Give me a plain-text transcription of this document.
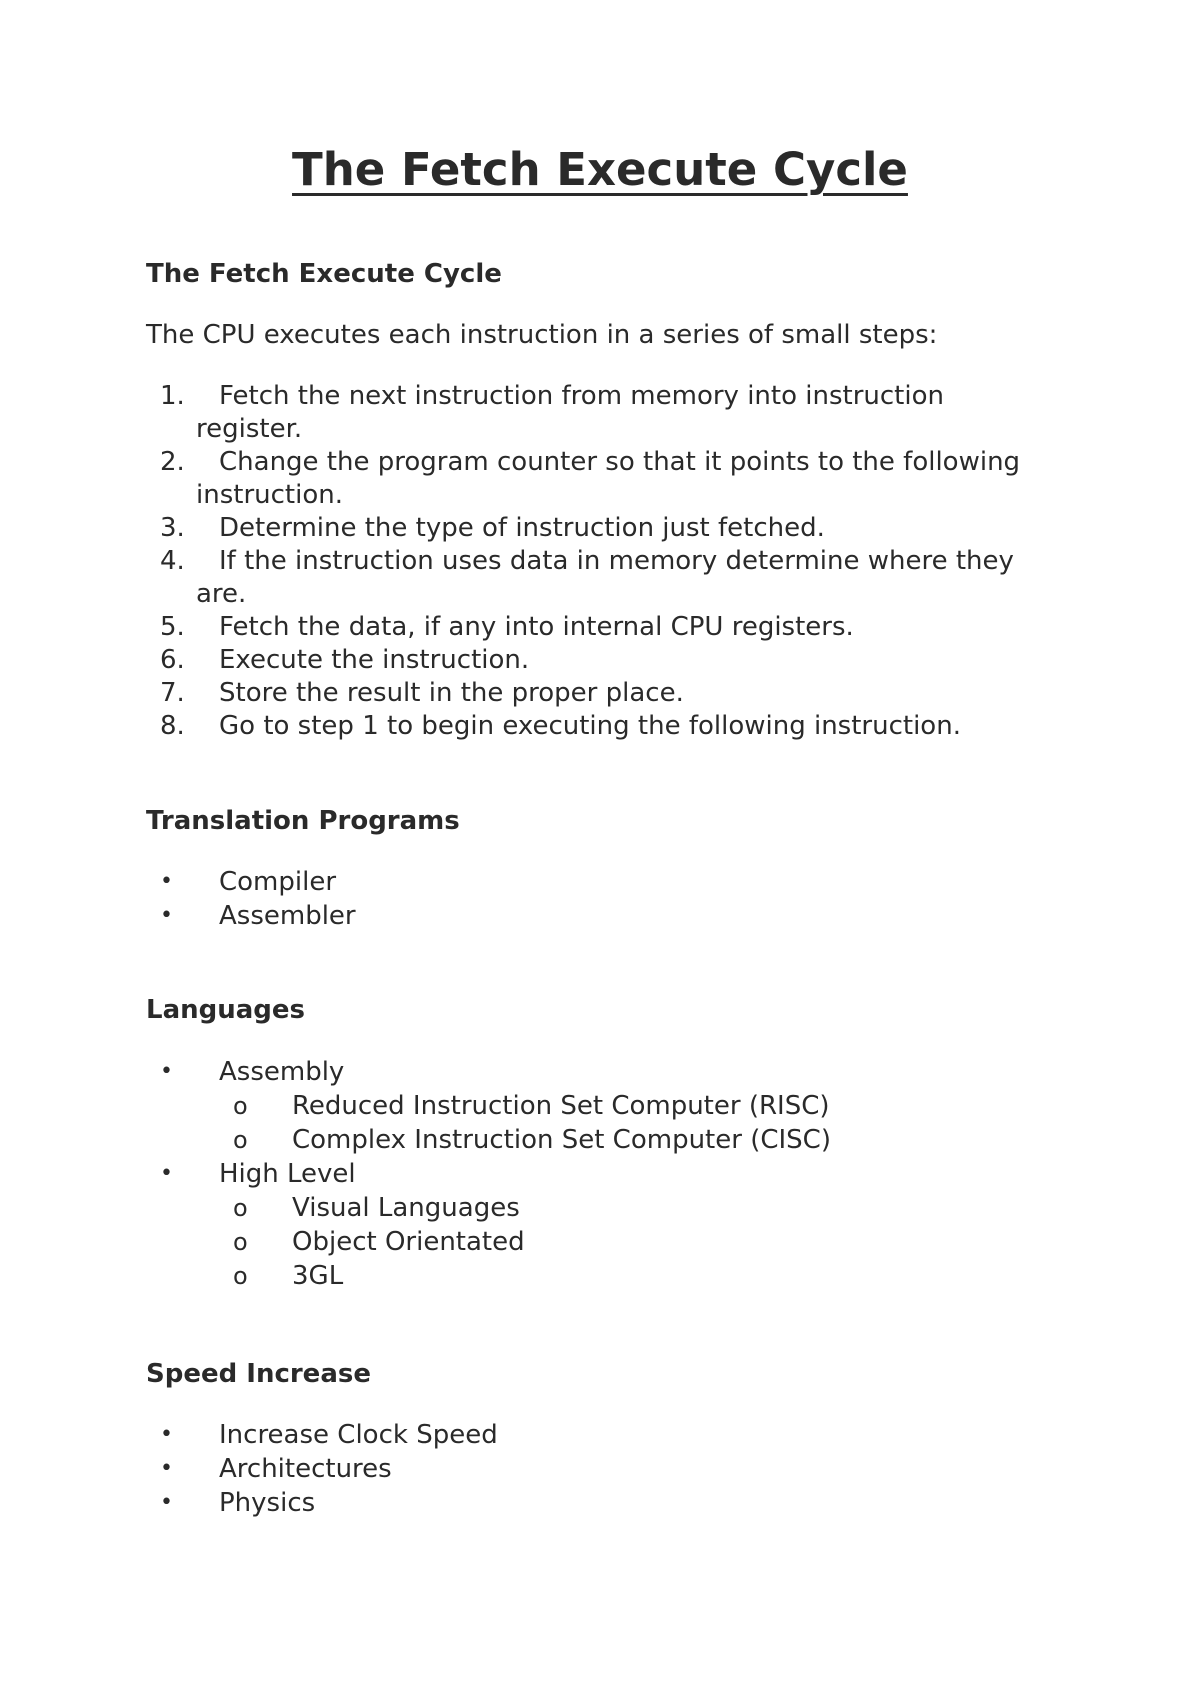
The Fetch Execute Cycle
The Fetch Execute Cycle

The CPU executes each instruction in a series of small steps:

1.	Fetch the next instruction from memory into instruction register.
2.	Change the program counter so that it points to the following instruction.
3.	Determine the type of instruction just fetched.
4.	If the instruction uses data in memory determine where they are.
5.	Fetch the data, if any into internal CPU registers.
6.	Execute the instruction.
7.	Store the result in the proper place.
8.	Go to step 1 to begin executing the following instruction.
Translation Programs
• Compiler
• Assembler
Languages
• Assembly
o Reduced Instruction Set Computer (RISC)
o Complex Instruction Set Computer (CISC)
• High Level
o Visual Languages
o Object Orientated
o 3GL
Speed Increase
• Increase Clock Speed
• Architectures
• Physics
